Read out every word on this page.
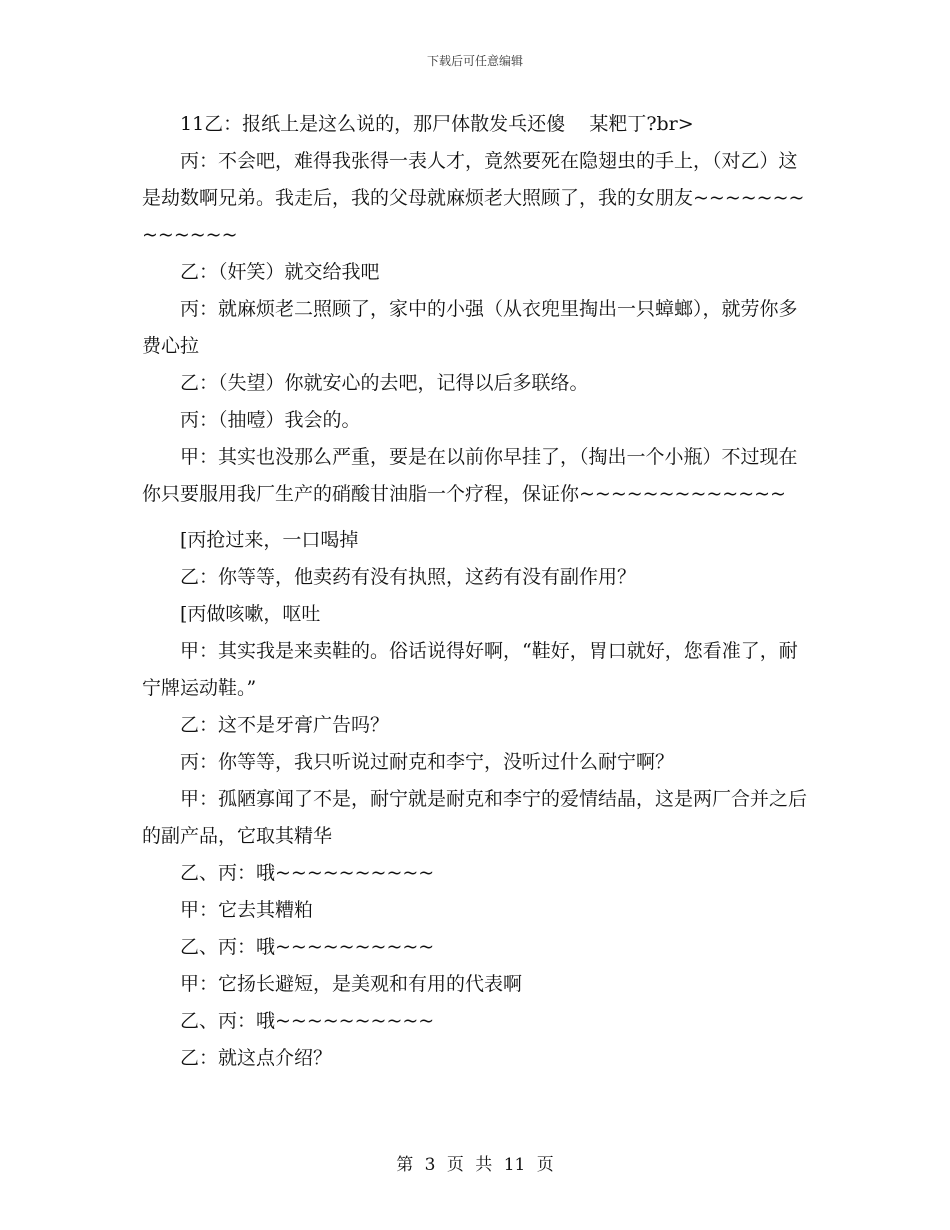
下载后可任意编辑

11乙：报纸上是这么说的，那尸体散发乓还傻    某粑丁?br>

丙：不会吧，难得我张得一表人才，竟然要死在隐翅虫的手上，（对乙）这是劫数啊兄弟。我走后，我的父母就麻烦老大照顾了，我的女朋友~~~~~~~~~~~~~

乙：（奸笑）就交给我吧

丙：就麻烦老二照顾了，家中的小强（从衣兜里掏出一只蟑螂），就劳你多费心拉

乙：（失望）你就安心的去吧，记得以后多联络。

丙：（抽噎）我会的。

甲：其实也没那么严重，要是在以前你早挂了，（掏出一个小瓶）不过现在你只要服用我厂生产的硝酸甘油脂一个疗程，保证你~~~~~~~~~~~~~

[丙抢过来，一口喝掉

乙：你等等，他卖药有没有执照，这药有没有副作用？

[丙做咳嗽，呕吐

甲：其实我是来卖鞋的。俗话说得好啊，“鞋好，胃口就好，您看准了，耐宁牌运动鞋。”

乙：这不是牙膏广告吗？

丙：你等等，我只听说过耐克和李宁，没听过什么耐宁啊？

甲：孤陋寡闻了不是，耐宁就是耐克和李宁的爱情结晶，这是两厂合并之后的副产品，它取其精华

乙、丙：哦~~~~~~~~~~

甲：它去其糟粕

乙、丙：哦~~~~~~~~~~

甲：它扬长避短，是美观和有用的代表啊

乙、丙：哦~~~~~~~~~~

乙：就这点介绍？

第 3 页 共 11 页
